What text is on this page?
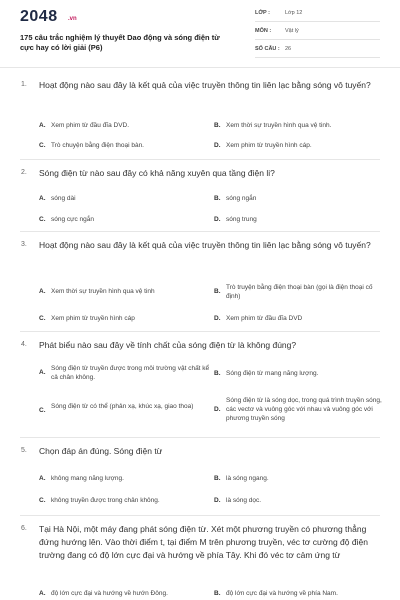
2048 .vn
175 câu trắc nghiệm lý thuyết Dao động và sóng điện từ cực hay có lời giải (P6)
LỚP :	Lớp 12
MÔN :	Vật lý
SỐ CÂU : 26
1. Hoạt động nào sau đây là kết quả của việc truyền thông tin liên lạc bằng sóng vô tuyến?
A. Xem phim từ đầu đĩa DVD.	B. Xem thời sự truyền hình qua vệ tinh.
C. Trò chuyện bằng điện thoại bàn.	D. Xem phim từ truyền hình cáp.
2. Sóng điện từ nào sau đây có khả năng xuyên qua tầng điện li?
A. sóng dài	B. sóng ngắn
C. sóng cực ngắn	D. sóng trung
3. Hoạt động nào sau đây là kết quả của việc truyền thông tin liên lạc bằng sóng vô tuyến?
A. Xem thời sự truyền hình qua vệ tinh	B.
Trò truyện bằng điện thoại bàn (gọi là điện thoại cố định)
C. Xem phim từ truyền hình cáp	D. Xem phim từ đầu đĩa DVD
4. Phát biểu nào sau đây về tính chất của sóng điện từ là không đúng?
A.
Sóng điện từ truyền được trong môi trường vật chất kể cả chân không.
B. Sóng điện từ mang năng lượng.
C.
Sóng điện từ có thể (phản xạ, khúc xạ, giao thoa)	D.
Sóng điện từ là sóng dọc, trong quá trình truyền sóng, các vectơ và vuông góc với nhau và vuông góc với phương truyền sóng
5. Chọn đáp án đúng. Sóng điện từ
A. không mang năng lượng.	B. là sóng ngang.
C. không truyền được trong chân không.	D. là sóng dọc.
6. Tại Hà Nội, một máy đang phát sóng điện từ. Xét một phương truyền có phương thẳng đứng hướng lên. Vào thời điểm t, tại điểm M trên phương truyền, véc tơ cường độ điện trường đang có độ lớn cực đại và hướng về phía Tây. Khi đó véc tơ cảm ứng từ
A. độ lớn cực đại và hướng về hướn Đông.	B. độ lớn cực đại và hướng về phía Nam.
